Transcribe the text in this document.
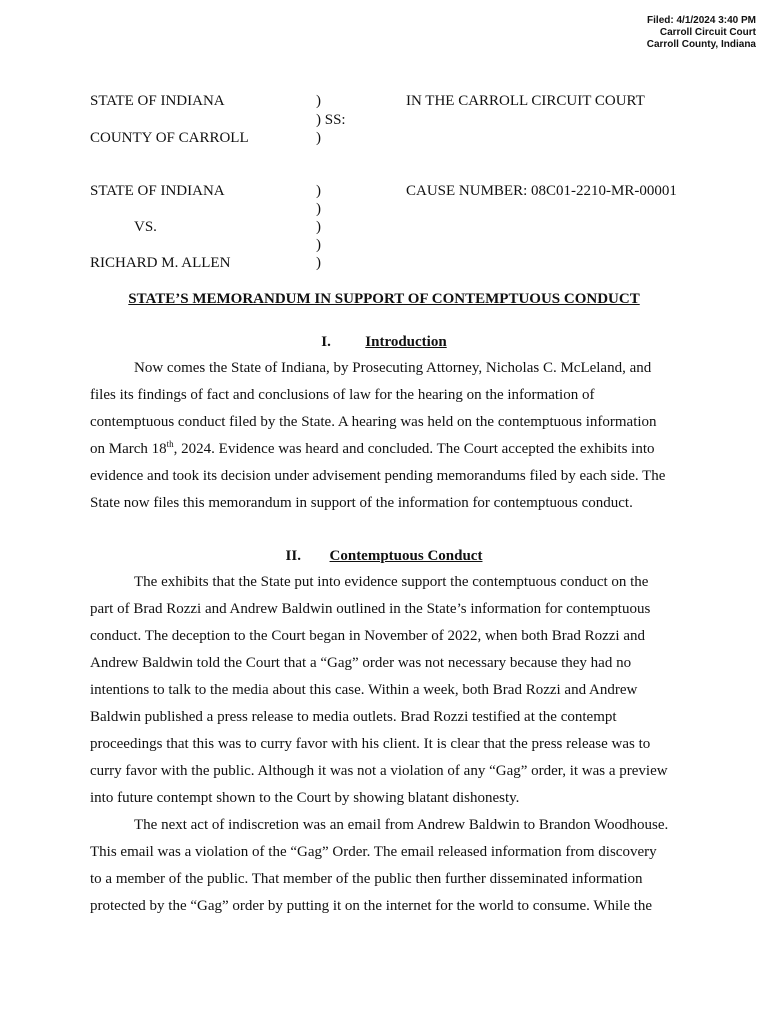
Filed: 4/1/2024 3:40 PM
Carroll Circuit Court
Carroll County, Indiana
STATE OF INDIANA	)	IN THE CARROLL CIRCUIT COURT
) SS:
COUNTY OF CARROLL	)
STATE OF INDIANA	)	CAUSE NUMBER: 08C01-2210-MR-00001
)
VS.	)
)
RICHARD M. ALLEN	)
STATE’S MEMORANDUM IN SUPPORT OF CONTEMPTUOUS CONDUCT
I. Introduction
Now comes the State of Indiana, by Prosecuting Attorney, Nicholas C. McLeland, and
files its findings of fact and conclusions of law for the hearing on the information of
contemptuous conduct filed by the State. A hearing was held on the contemptuous information
on March 18th, 2024. Evidence was heard and concluded. The Court accepted the exhibits into
evidence and took its decision under advisement pending memorandums filed by each side. The
State now files this memorandum in support of the information for contemptuous conduct.
II. Contemptuous Conduct
The exhibits that the State put into evidence support the contemptuous conduct on the
part of Brad Rozzi and Andrew Baldwin outlined in the State’s information for contemptuous
conduct. The deception to the Court began in November of 2022, when both Brad Rozzi and
Andrew Baldwin told the Court that a “Gag” order was not necessary because they had no
intentions to talk to the media about this case. Within a week, both Brad Rozzi and Andrew
Baldwin published a press release to media outlets. Brad Rozzi testified at the contempt
proceedings that this was to curry favor with his client. It is clear that the press release was to
curry favor with the public. Although it was not a violation of any “Gag” order, it was a preview
into future contempt shown to the Court by showing blatant dishonesty.
The next act of indiscretion was an email from Andrew Baldwin to Brandon Woodhouse.
This email was a violation of the “Gag” Order. The email released information from discovery
to a member of the public. That member of the public then further disseminated information
protected by the “Gag” order by putting it on the internet for the world to consume. While the
